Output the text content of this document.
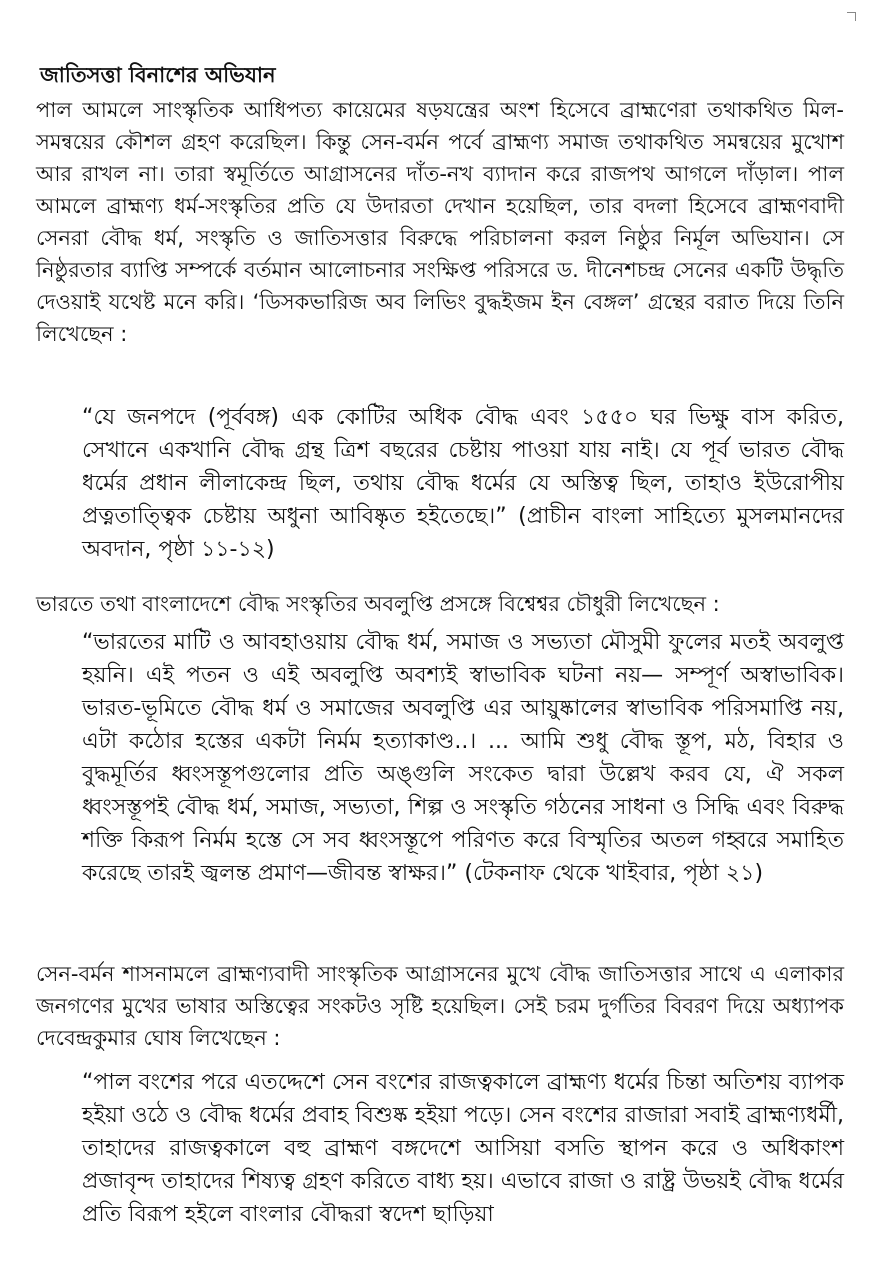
জাতিসত্তা বিনাশের অভিযান
পাল আমলে সাংস্কৃতিক আধিপত্য কায়েমের ষড়যন্ত্রের অংশ হিসেবে ব্রাহ্মণেরা তথাকথিত মিল-সমন্বয়ের কৌশল গ্রহণ করেছিল। কিন্তু সেন-বর্মন পর্বে ব্রাহ্মণ্য সমাজ তথাকথিত সমন্বয়ের মুখোশ আর রাখল না। তারা স্বমূর্তিতে আগ্রাসনের দাঁত-নখ ব্যাদান করে রাজপথ আগলে দাঁড়াল। পাল আমলে ব্রাহ্মণ্য ধর্ম-সংস্কৃতির প্রতি যে উদারতা দেখান হয়েছিল, তার বদলা হিসেবে ব্রাহ্মণবাদী সেনরা বৌদ্ধ ধর্ম, সংস্কৃতি ও জাতিসত্তার বিরুদ্ধে পরিচালনা করল নিষ্ঠুর নির্মূল অভিযান। সে নিষ্ঠুরতার ব্যাপ্তি সম্পর্কে বর্তমান আলোচনার সংক্ষিপ্ত পরিসরে ড. দীনেশচন্দ্র সেনের একটি উদ্ধৃতি দেওয়াই যথেষ্ট মনে করি। ‘ডিসকভারিজ অব লিভিং বুদ্ধইজম ইন বেঙ্গল’ গ্রন্থের বরাত দিয়ে তিনি লিখেছেন :
“যে জনপদে (পূর্ববঙ্গ) এক কোটির অধিক বৌদ্ধ এবং ১৫৫০ ঘর ভিক্ষু বাস করিত, সেখানে একখানি বৌদ্ধ গ্রন্থ ত্রিশ বছরের চেষ্টায় পাওয়া যায় নাই। যে পূর্ব ভারত বৌদ্ধ ধর্মের প্রধান লীলাকেন্দ্র ছিল, তথায় বৌদ্ধ ধর্মের যে অস্তিত্ব ছিল, তাহাও ইউরোপীয় প্রত্নতাত্ত্বিক চেষ্টায় অধুনা আবিষ্কৃত হইতেছে।” (প্রাচীন বাংলা সাহিত্যে মুসলমানদের অবদান, পৃষ্ঠা ১১-১২)
ভারতে তথা বাংলাদেশে বৌদ্ধ সংস্কৃতির অবলুপ্তি প্রসঙ্গে বিশ্বেশ্বর চৌধুরী লিখেছেন :
“ভারতের মাটি ও আবহাওয়ায় বৌদ্ধ ধর্ম, সমাজ ও সভ্যতা মৌসুমী ফুলের মতই অবলুপ্ত হয়নি। এই পতন ও এই অবলুপ্তি অবশ্যই স্বাভাবিক ঘটনা নয়— সম্পূর্ণ অস্বাভাবিক। ভারত-ভূমিতে বৌদ্ধ ধর্ম ও সমাজের অবলুপ্তি এর আয়ুষ্কালের স্বাভাবিক পরিসমাপ্তি নয়, এটা কঠোর হস্তের একটা নির্মম হত্যাকাণ্ড..। ... আমি শুধু বৌদ্ধ স্তূপ, মঠ, বিহার ও বুদ্ধমূর্তির ধ্বংসস্তূপগুলোর প্রতি অঙ্গুলি সংকেত দ্বারা উল্লেখ করব যে, ঐ সকল ধ্বংসস্তূপই বৌদ্ধ ধর্ম, সমাজ, সভ্যতা, শিল্প ও সংস্কৃতি গঠনের সাধনা ও সিদ্ধি এবং বিরুদ্ধ শক্তি কিরূপ নির্মম হস্তে সে সব ধ্বংসস্তূপে পরিণত করে বিস্মৃতির অতল গহ্বরে সমাহিত করেছে তারই জ্বলন্ত প্রমাণ—জীবন্ত স্বাক্ষর।” (টেকনাফ থেকে খাইবার, পৃষ্ঠা ২১)
সেন-বর্মন শাসনামলে ব্রাহ্মণ্যবাদী সাংস্কৃতিক আগ্রাসনের মুখে বৌদ্ধ জাতিসত্তার সাথে এ এলাকার জনগণের মুখের ভাষার অস্তিত্বের সংকটও সৃষ্টি হয়েছিল। সেই চরম দুর্গতির বিবরণ দিয়ে অধ্যাপক দেবেন্দ্রকুমার ঘোষ লিখেছেন :
“পাল বংশের পরে এতদ্দেশে সেন বংশের রাজত্বকালে ব্রাহ্মণ্য ধর্মের চিন্তা অতিশয় ব্যাপক হইয়া ওঠে ও বৌদ্ধ ধর্মের প্রবাহ বিশুষ্ক হইয়া পড়ে। সেন বংশের রাজারা সবাই ব্রাহ্মণ্যধর্মী, তাহাদের রাজত্বকালে বহু ব্রাহ্মণ বঙ্গদেশে আসিয়া বসতি স্থাপন করে ও অধিকাংশ প্রজাবৃন্দ তাহাদের শিষ্যত্ব গ্রহণ করিতে বাধ্য হয়। এভাবে রাজা ও রাষ্ট্র উভয়ই বৌদ্ধ ধর্মের প্রতি বিরূপ হইলে বাংলার বৌদ্ধরা স্বদেশ ছাড়িয়া
